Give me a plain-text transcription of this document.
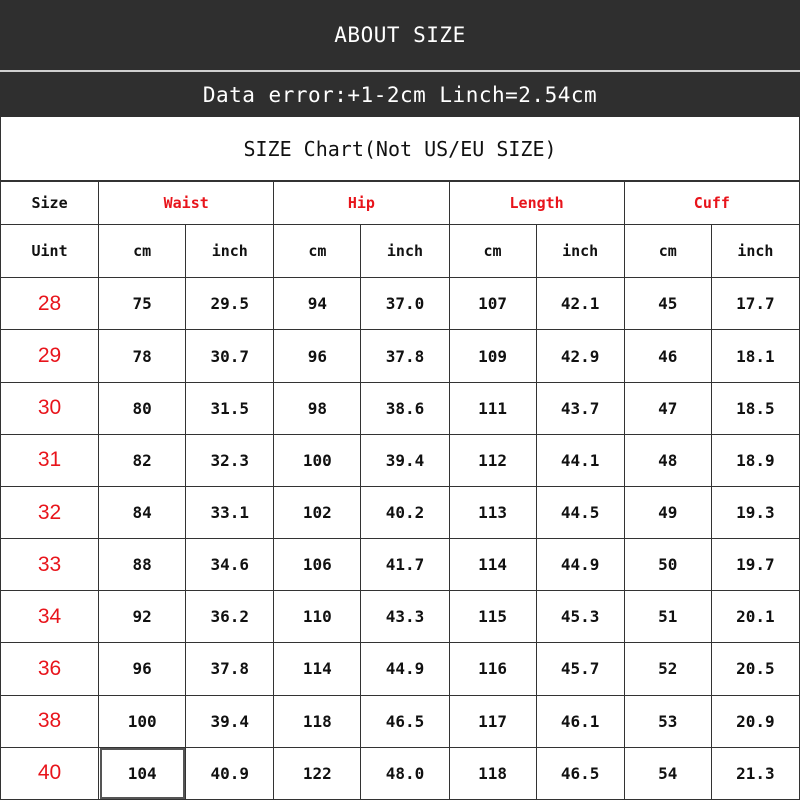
ABOUT SIZE
Data error:+1-2cm Linch=2.54cm
SIZE Chart(Not US/EU SIZE)
Size	Waist		Hip		Length		Cuff	
Uint	cm	inch	cm	inch	cm	inch	cm	inch
28	75	29.5	94	37.0	107	42.1	45	17.7
29	78	30.7	96	37.8	109	42.9	46	18.1
30	80	31.5	98	38.6	111	43.7	47	18.5
31	82	32.3	100	39.4	112	44.1	48	18.9
32	84	33.1	102	40.2	113	44.5	49	19.3
33	88	34.6	106	41.7	114	44.9	50	19.7
34	92	36.2	110	43.3	115	45.3	51	20.1
36	96	37.8	114	44.9	116	45.7	52	20.5
38	100	39.4	118	46.5	117	46.1	53	20.9
40	104	40.9	122	48.0	118	46.5	54	21.3
